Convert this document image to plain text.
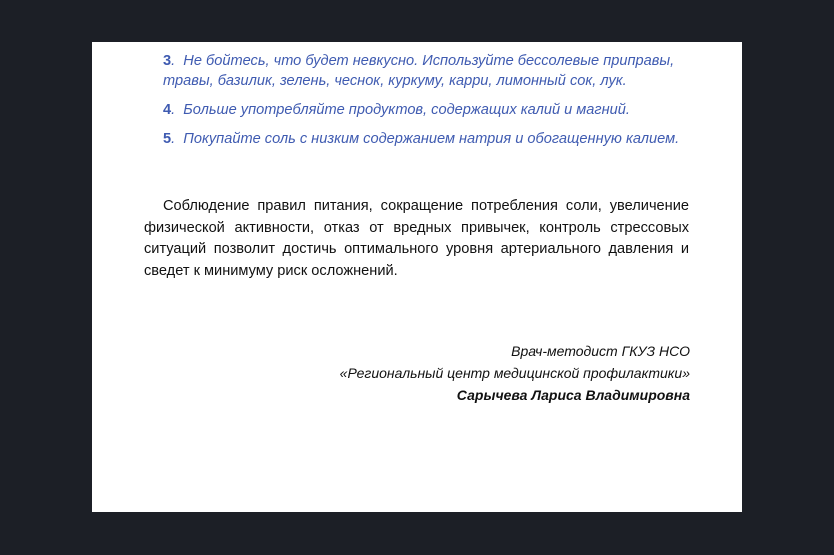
3.  Не бойтесь, что будет невкусно. Используйте бессолевые приправы, травы, базилик, зелень, чеснок, куркуму, карри, лимонный сок, лук.

4.  Больше употребляйте продуктов, содержащих калий и магний.

5.  Покупайте соль с низким содержанием натрия и обогащенную калием.

Соблюдение правил питания, сокращение потребления соли, увеличение физической активности, отказ от вредных привычек, контроль стрессовых ситуаций позволит достичь оптимального уровня артериального давления и сведет к минимуму риск осложнений.

Врач-методист ГКУЗ НСО
«Региональный центр медицинской профилактики»
Сарычева Лариса Владимировна
